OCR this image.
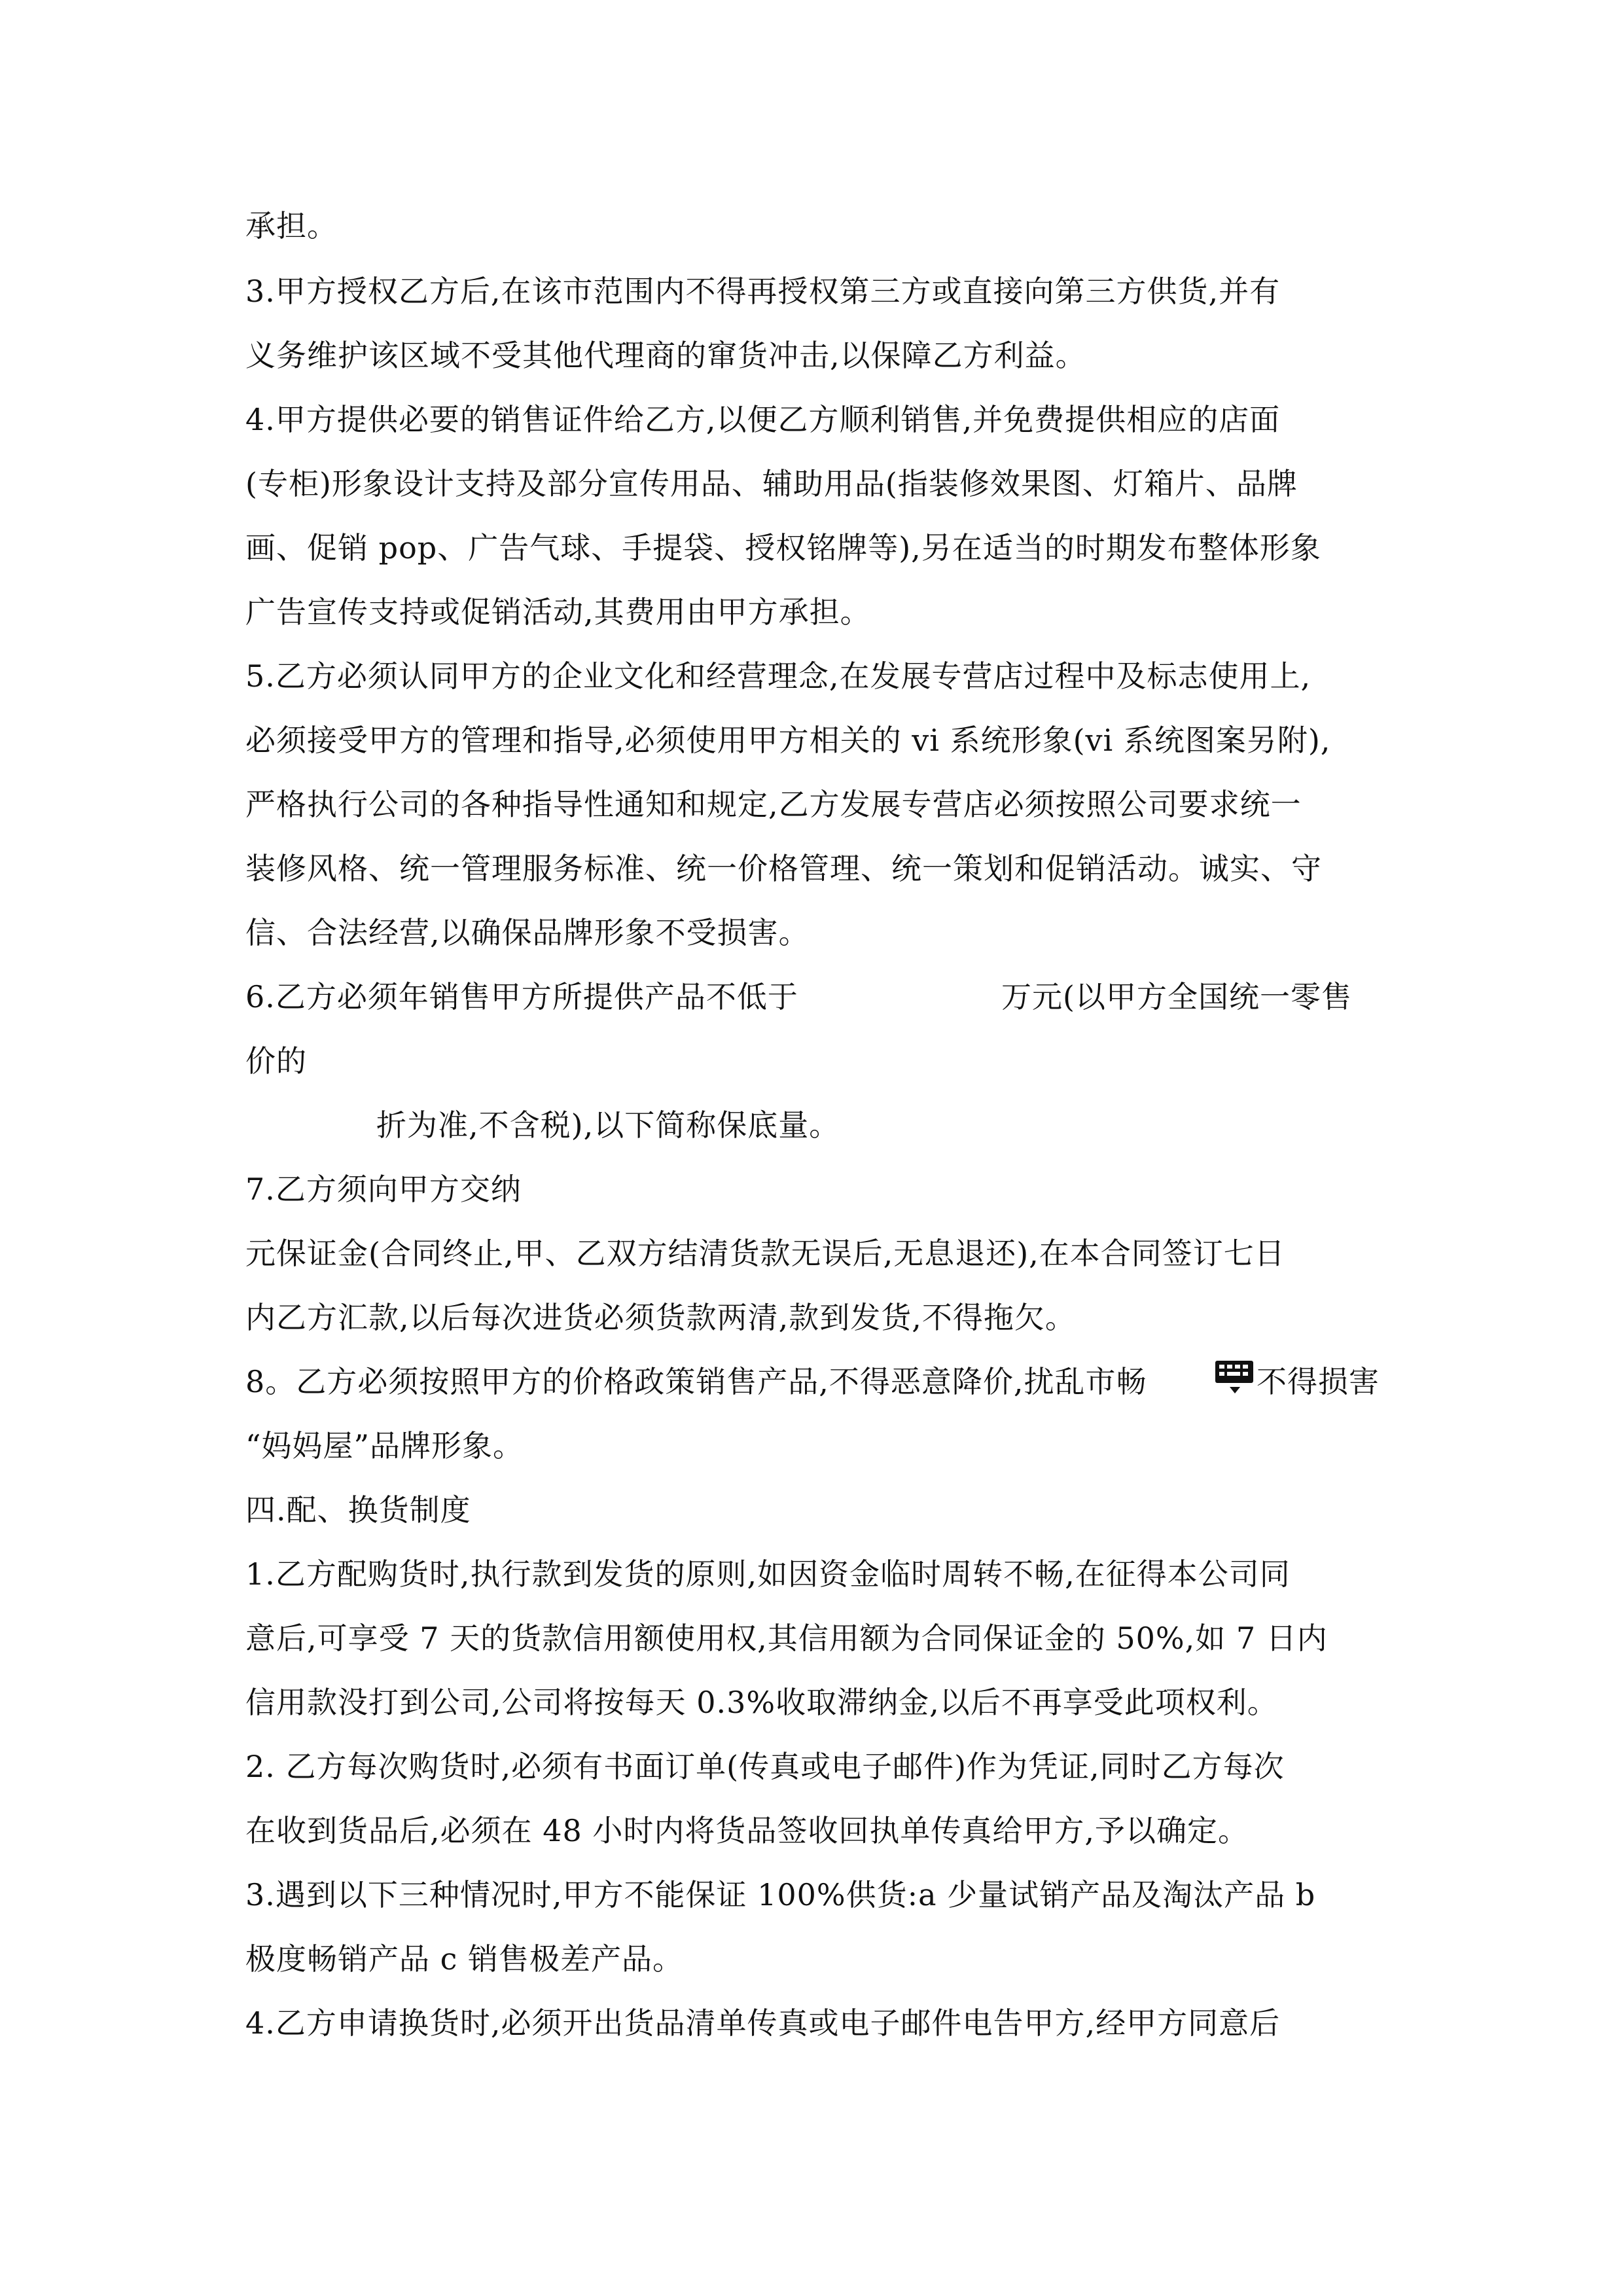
承担。
3.甲方授权乙方后,在该市范围内不得再授权第三方或直接向第三方供货,并有
义务维护该区域不受其他代理商的窜货冲击,以保障乙方利益。
4.甲方提供必要的销售证件给乙方,以便乙方顺利销售,并免费提供相应的店面
(专柜)形象设计支持及部分宣传用品、辅助用品(指装修效果图、灯箱片、品牌
画、促销 pop、广告气球、手提袋、授权铭牌等),另在适当的时期发布整体形象
广告宣传支持或促销活动,其费用由甲方承担。
5.乙方必须认同甲方的企业文化和经营理念,在发展专营店过程中及标志使用上,
必须接受甲方的管理和指导,必须使用甲方相关的 vi 系统形象(vi 系统图案另附),
严格执行公司的各种指导性通知和规定,乙方发展专营店必须按照公司要求统一
装修风格、统一管理服务标准、统一价格管理、统一策划和促销活动。诚实、守
信、合法经营,以确保品牌形象不受损害。
6.乙方必须年销售甲方所提供产品不低于	万元(以甲方全国统一零售
价的
折为准,不含税),以下简称保底量。
7.乙方须向甲方交纳
元保证金(合同终止,甲、乙双方结清货款无误后,无息退还),在本合同签订七日
内乙方汇款,以后每次进货必须货款两清,款到发货,不得拖欠。
8。乙方必须按照甲方的价格政策销售产品,不得恶意降价,扰乱市畅	不得损害
“妈妈屋”品牌形象。
四.配、换货制度
1.乙方配购货时,执行款到发货的原则,如因资金临时周转不畅,在征得本公司同
意后,可享受 7 天的货款信用额使用权,其信用额为合同保证金的 50%,如 7 日内
信用款没打到公司,公司将按每天 0.3%收取滞纳金,以后不再享受此项权利。
2. 乙方每次购货时,必须有书面订单(传真或电子邮件)作为凭证,同时乙方每次
在收到货品后,必须在 48 小时内将货品签收回执单传真给甲方,予以确定。
3.遇到以下三种情况时,甲方不能保证 100%供货:a 少量试销产品及淘汰产品 b
极度畅销产品 c 销售极差产品。
4.乙方申请换货时,必须开出货品清单传真或电子邮件电告甲方,经甲方同意后
